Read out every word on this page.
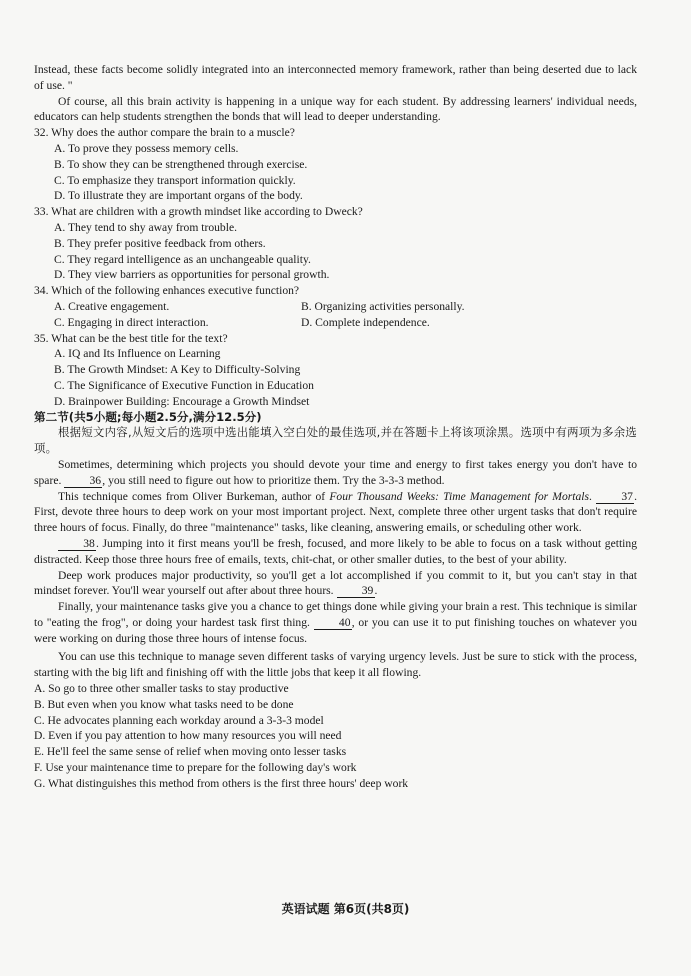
Instead, these facts become solidly integrated into an interconnected memory framework, rather than being deserted due to lack of use. "

Of course, all this brain activity is happening in a unique way for each student. By addressing learners' individual needs, educators can help students strengthen the bonds that will lead to deeper understanding.

32. Why does the author compare the brain to a muscle?

A. To prove they possess memory cells.
B. To show they can be strengthened through exercise.
C. To emphasize they transport information quickly.
D. To illustrate they are important organs of the body.

33. What are children with a growth mindset like according to Dweck?

A. They tend to shy away from trouble.
B. They prefer positive feedback from others.
C. They regard intelligence as an unchangeable quality.
D. They view barriers as opportunities for personal growth.

34. Which of the following enhances executive function?

A. Creative engagement.	B. Organizing activities personally.
C. Engaging in direct interaction.	D. Complete independence.

35. What can be the best title for the text?

A. IQ and Its Influence on Learning
B. The Growth Mindset: A Key to Difficulty-Solving
C. The Significance of Executive Function in Education
D. Brainpower Building: Encourage a Growth Mindset
第二节(共5小题;每小题2.5分,满分12.5分)

根据短文内容,从短文后的选项中选出能填入空白处的最佳选项,并在答题卡上将该项涂黑。选项中有两项为多余选项。

Sometimes, determining which projects you should devote your time and energy to first takes energy you don't have to spare. 36, you still need to figure out how to prioritize them. Try the 3-3-3 method.

This technique comes from Oliver Burkeman, author of Four Thousand Weeks: Time Management for Mortals.	37. First, devote three hours to deep work on your most important project. Next, complete three other urgent tasks that don't require three hours of focus. Finally, do three "maintenance" tasks, like cleaning, answering emails, or scheduling other work.

38. Jumping into it first means you'll be fresh, focused, and more likely to be able to focus on a task without getting distracted. Keep those three hours free of emails, texts, chit-chat, or other smaller duties, to the best of your ability.

Deep work produces major productivity, so you'll get a lot accomplished if you commit to it, but you can't stay in that mindset forever. You'll wear yourself out after about three hours. 39.

Finally, your maintenance tasks give you a chance to get things done while giving your brain a rest. This technique is similar to "eating the frog", or doing your hardest task first thing.	40, or you can use it to put finishing touches on whatever you were working on during those three hours of intense focus.

You can use this technique to manage seven different tasks of varying urgency levels. Just be sure to stick with the process, starting with the big lift and finishing off with the little jobs that keep it all flowing.

A. So go to three other smaller tasks to stay productive
B. But even when you know what tasks need to be done
C. He advocates planning each workday around a 3-3-3 model
D. Even if you pay attention to how many resources you will need
E. He'll feel the same sense of relief when moving onto lesser tasks
F. Use your maintenance time to prepare for the following day's work
G. What distinguishes this method from others is the first three hours' deep work
英语试题 第6页(共8页)
